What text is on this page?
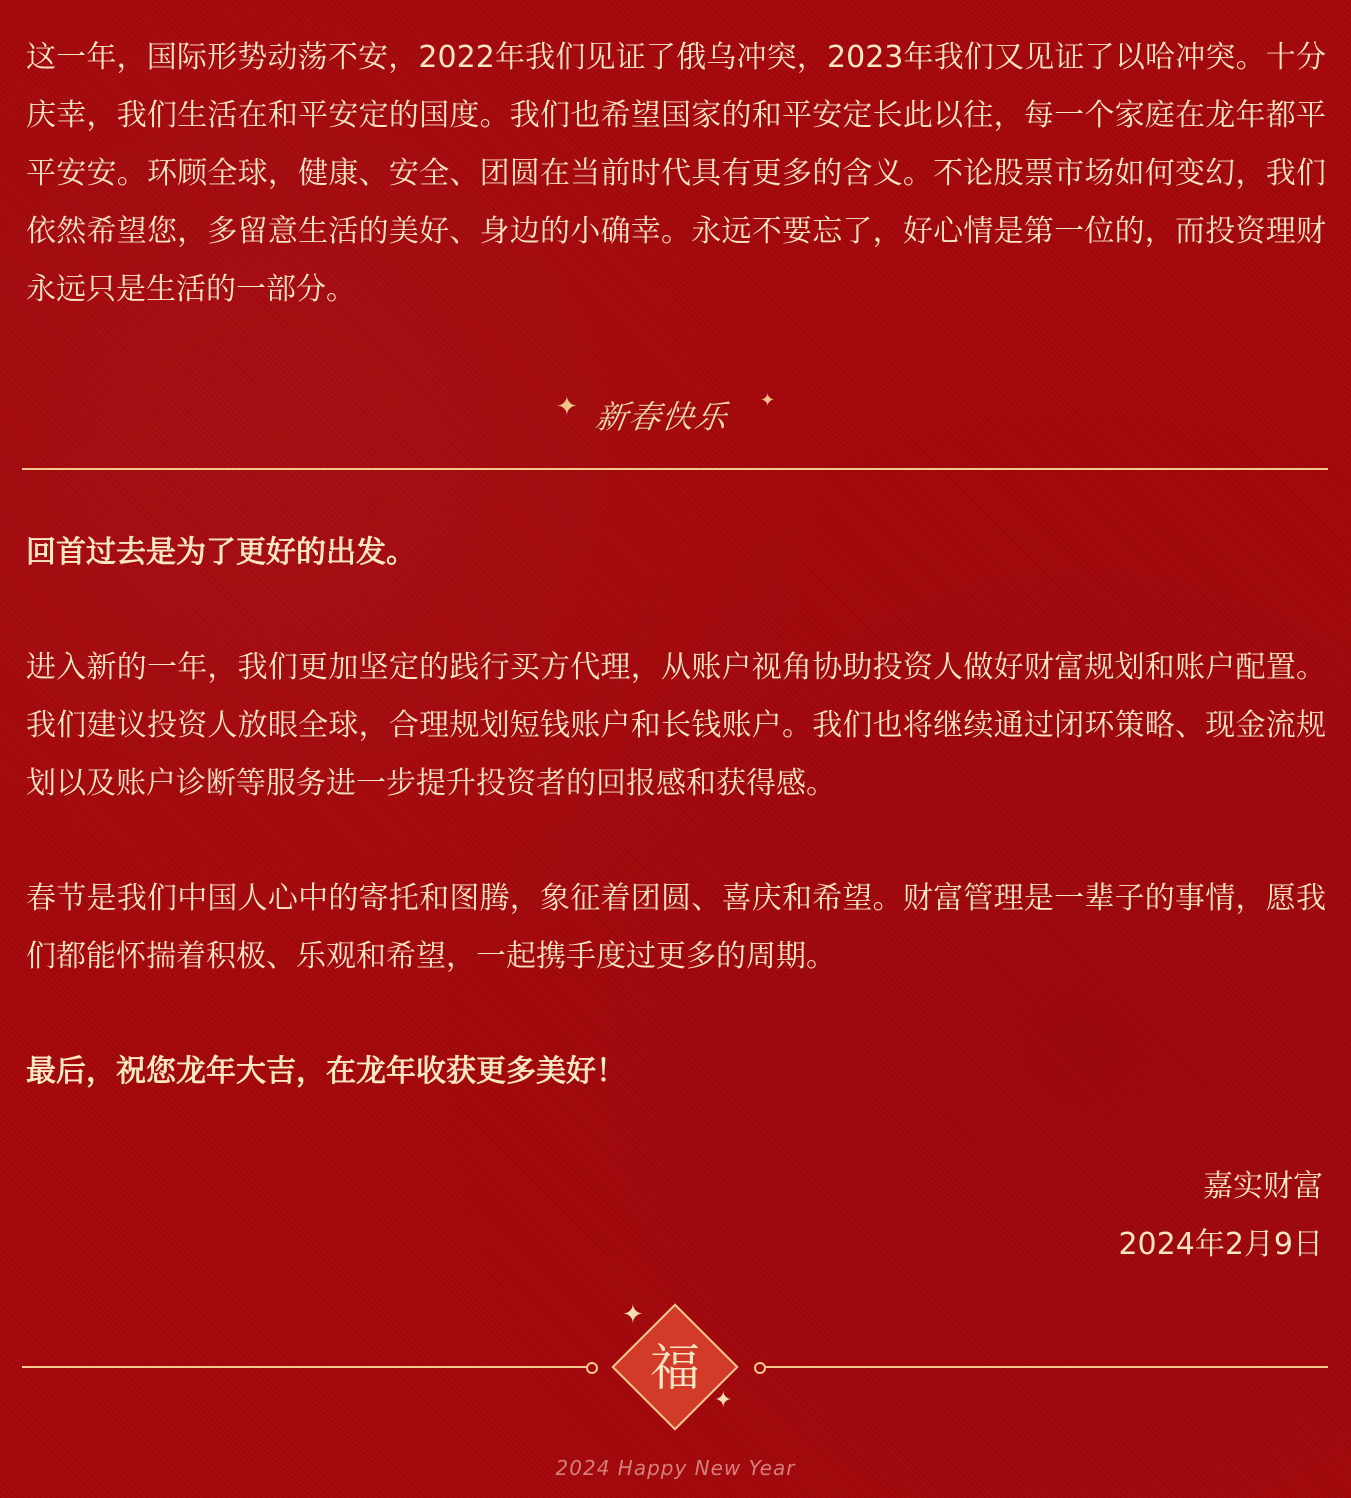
这一年，国际形势动荡不安，2022年我们见证了俄乌冲突，2023年我们又见证了以哈冲突。十分庆幸，我们生活在和平安定的国度。我们也希望国家的和平安定长此以往，每一个家庭在龙年都平平安安。环顾全球，健康、安全、团圆在当前时代具有更多的含义。不论股票市场如何变幻，我们依然希望您，多留意生活的美好、身边的小确幸。永远不要忘了，好心情是第一位的，而投资理财永远只是生活的一部分。

✦ 新春快乐 ✦

回首过去是为了更好的出发。

进入新的一年，我们更加坚定的践行买方代理，从账户视角协助投资人做好财富规划和账户配置。我们建议投资人放眼全球，合理规划短钱账户和长钱账户。我们也将继续通过闭环策略、现金流规划以及账户诊断等服务进一步提升投资者的回报感和获得感。

春节是我们中国人心中的寄托和图腾，象征着团圆、喜庆和希望。财富管理是一辈子的事情，愿我们都能怀揣着积极、乐观和希望，一起携手度过更多的周期。

最后，祝您龙年大吉，在龙年收获更多美好！

嘉实财富

2024年2月9日

福
✦
✦
2024 Happy New Year
